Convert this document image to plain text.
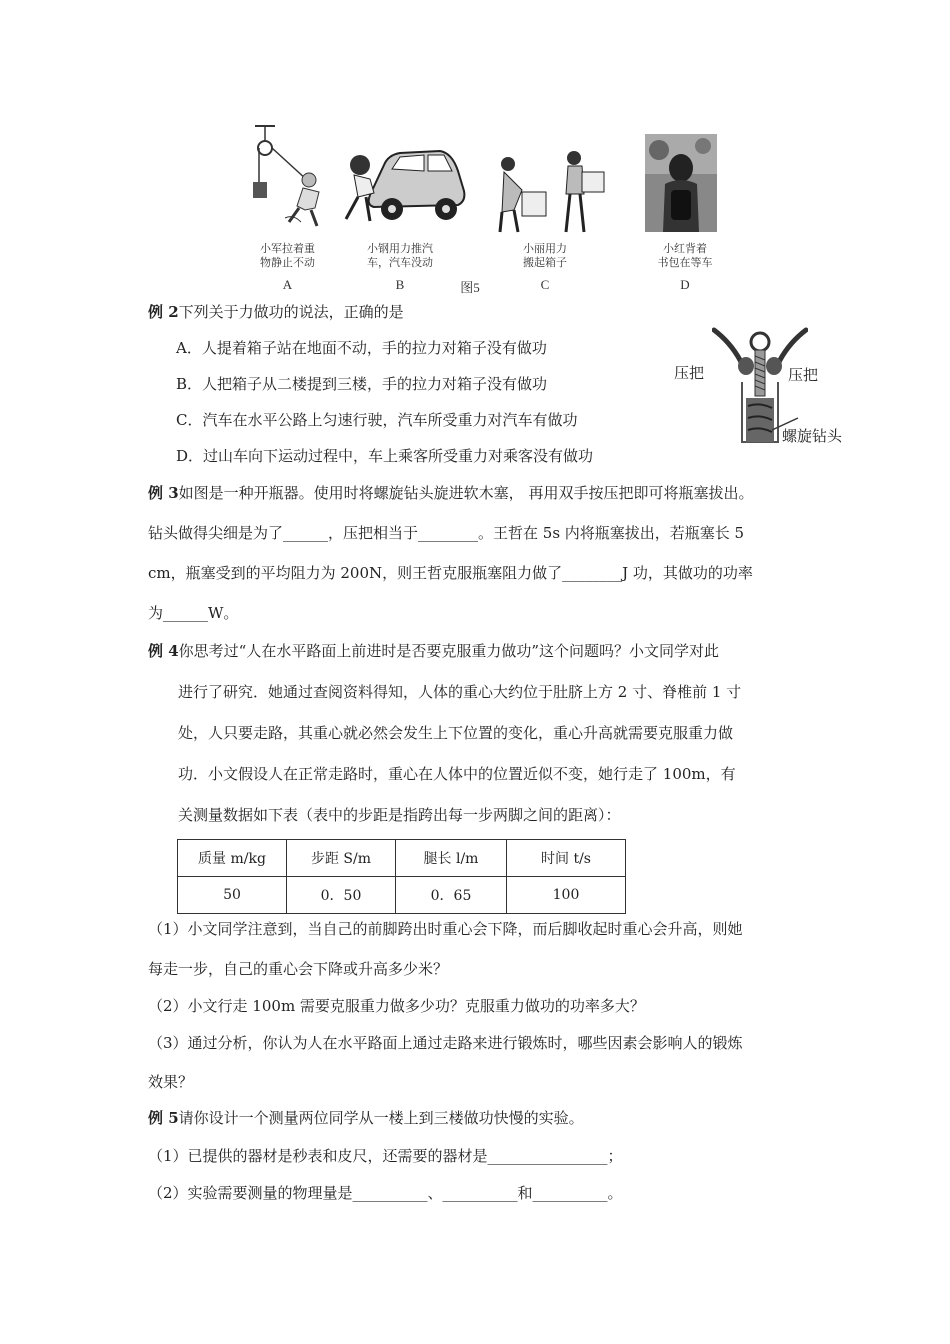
小军拉着重
物静止不动
A
小钢用力推汽
车，汽车没动
B
小丽用力
搬起箱子
C
小红背着
书包在等车
D
图5
例 2下列关于力做功的说法，正确的是
A．人提着箱子站在地面不动，手的拉力对箱子没有做功
B．人把箱子从二楼提到三楼，手的拉力对箱子没有做功
C．汽车在水平公路上匀速行驶，汽车所受重力对汽车有做功
D．过山车向下运动过程中，车上乘客所受重力对乘客没有做功
压把	压把
螺旋钻头
例 3如图是一种开瓶器。使用时将螺旋钻头旋进软木塞， 再用双手按压把即可将瓶塞拔出。
钻头做得尖细是为了______，压把相当于________。王哲在 5s 内将瓶塞拔出，若瓶塞长 5
cm，瓶塞受到的平均阻力为 200N，则王哲克服瓶塞阻力做了________J 功，其做功的功率
为______W。
例 4你思考过“人在水平路面上前进时是否要克服重力做功”这个问题吗？小文同学对此
进行了研究．她通过查阅资料得知，人体的重心大约位于肚脐上方 2 寸、脊椎前 1 寸
处，人只要走路，其重心就必然会发生上下位置的变化，重心升高就需要克服重力做
功．小文假设人在正常走路时，重心在人体中的位置近似不变，她行走了 100m，有
关测量数据如下表（表中的步距是指跨出每一步两脚之间的距离）：
质量 m/kg	步距 S/m	腿长 l/m	时间 t/s
50	0．50	0．65	100
（1）小文同学注意到，当自己的前脚跨出时重心会下降，而后脚收起时重心会升高，则她
每走一步，自己的重心会下降或升高多少米？
（2）小文行走 100m 需要克服重力做多少功？克服重力做功的功率多大？
（3）通过分析，你认为人在水平路面上通过走路来进行锻炼时，哪些因素会影响人的锻炼
效果？
例 5请你设计一个测量两位同学从一楼上到三楼做功快慢的实验。
（1）已提供的器材是秒表和皮尺，还需要的器材是________________；
（2）实验需要测量的物理量是__________、__________和__________。
